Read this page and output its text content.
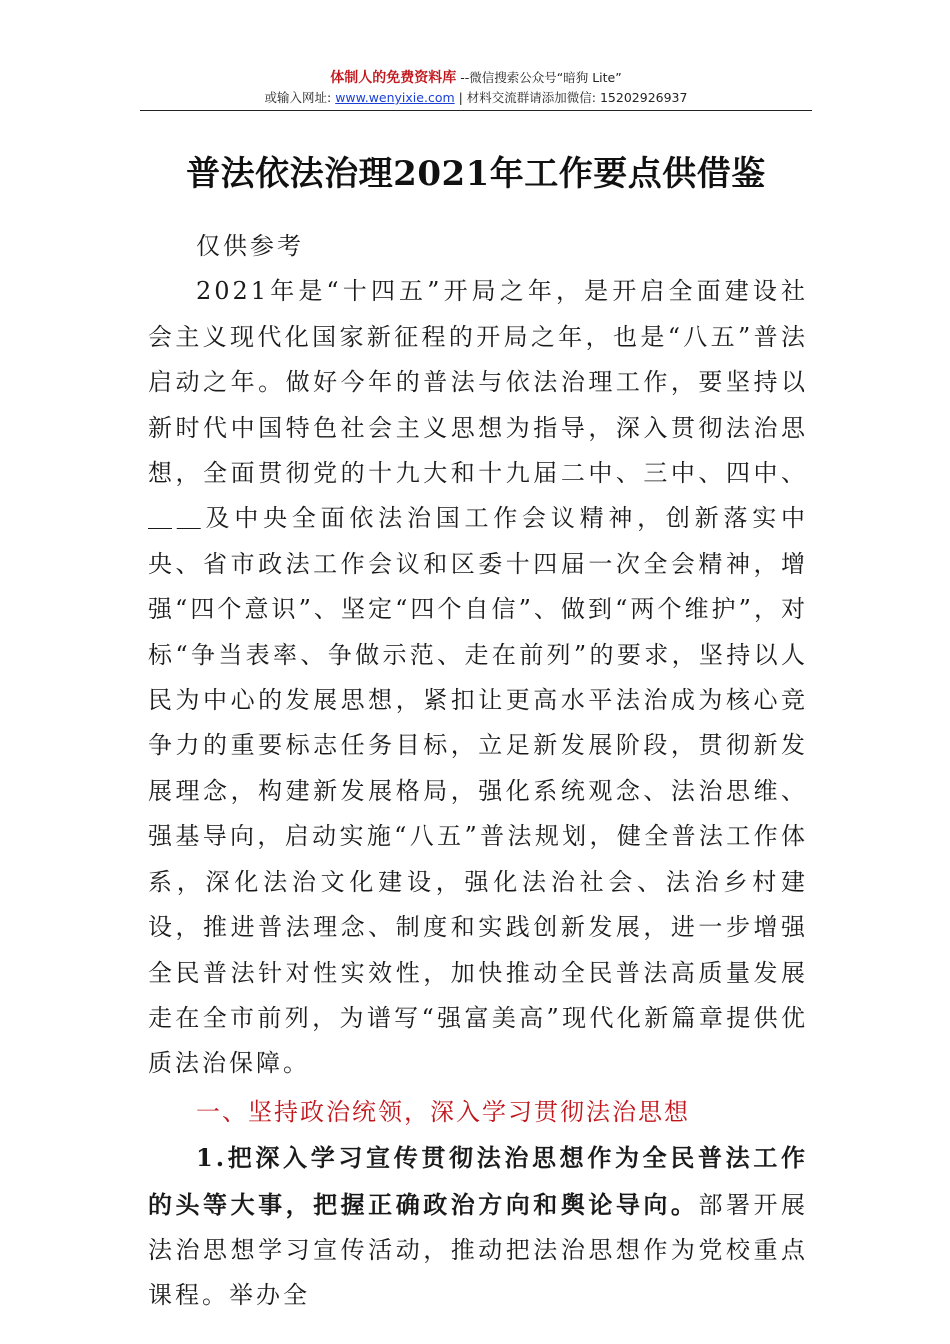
体制人的免费资料库 --微信搜索公众号“暗狗 Lite”
或输入网址: www.wenyixie.com | 材料交流群请添加微信: 15202926937
普法依法治理2021年工作要点供借鉴

仅供参考

2021年是“十四五”开局之年，是开启全面建设社会主义现代化国家新征程的开局之年，也是“八五”普法启动之年。做好今年的普法与依法治理工作，要坚持以新时代中国特色社会主义思想为指导，深入贯彻法治思想，全面贯彻党的十九大和十九届二中、三中、四中、＿＿及中央全面依法治国工作会议精神，创新落实中央、省市政法工作会议和区委十四届一次全会精神，增强“四个意识”、坚定“四个自信”、做到“两个维护”，对标“争当表率、争做示范、走在前列”的要求，坚持以人民为中心的发展思想，紧扣让更高水平法治成为核心竞争力的重要标志任务目标，立足新发展阶段，贯彻新发展理念，构建新发展格局，强化系统观念、法治思维、强基导向，启动实施“八五”普法规划，健全普法工作体系，深化法治文化建设，强化法治社会、法治乡村建设，推进普法理念、制度和实践创新发展，进一步增强全民普法针对性实效性，加快推动全民普法高质量发展走在全市前列，为谱写“强富美高”现代化新篇章提供优质法治保障。

一、坚持政治统领，深入学习贯彻法治思想

1.把深入学习宣传贯彻法治思想作为全民普法工作的头等大事，把握正确政治方向和舆论导向。部署开展法治思想学习宣传活动，推动把法治思想作为党校重点课程。举办全
